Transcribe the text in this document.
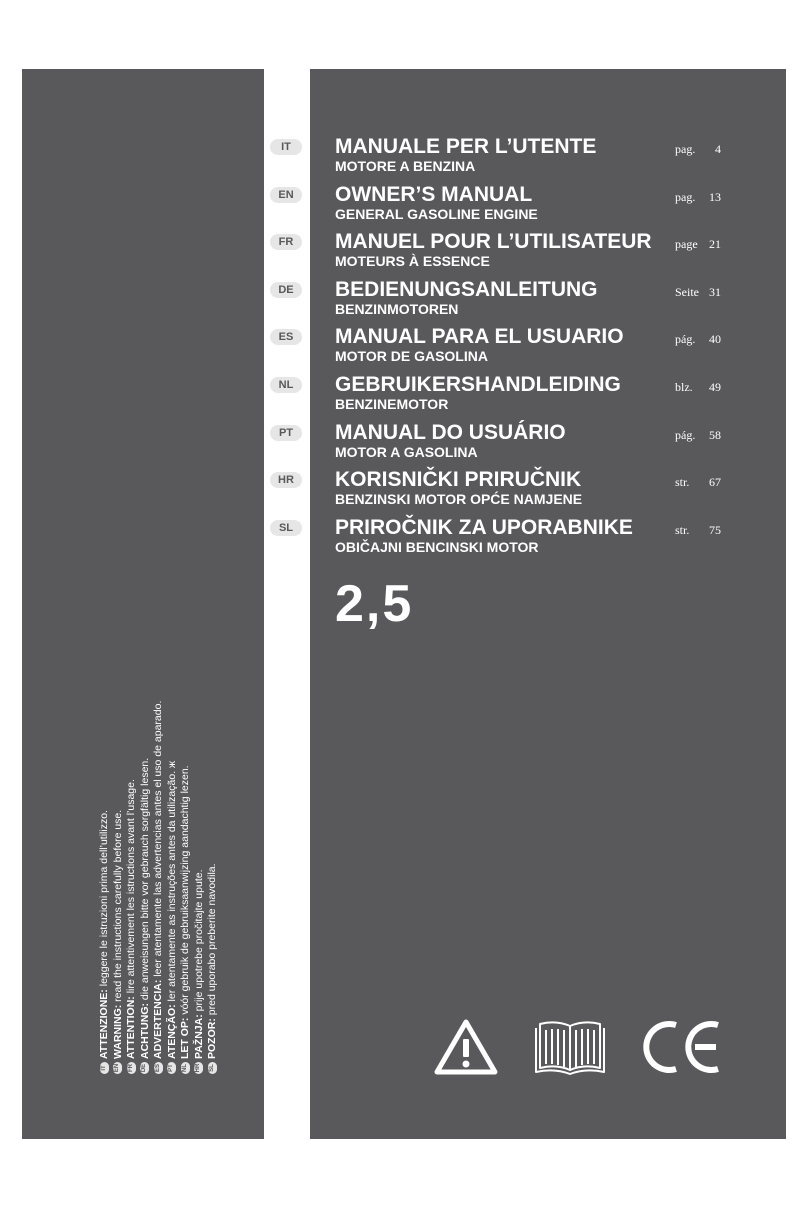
ITATTENZIONE: leggere le istruzioni prima dell’utilizzo.
ENWARNING: read the instructions carefully before use.
FRATTENTION: lire attentivement les istructions avant l’usage.
DEACHTUNG: die anweisungen bitte vor gebrauch sorgfältig lesen.
ESADVERTENCIA: leer atentamente las advertencias antes el uso de aparado.
PTATENÇÃO: ler atentamente as instruções antes da utilização. ж
NLLET OP: vóór gebruik de gebruiksaanwijzing aandachtig lezen.
HRPAŽNJA: prije upotrebe pročitajte upute.
SLPOZOR: pred uporabo preberite navodila.
IT	MANUALE PER L’UTENTE
MOTORE A BENZINA
pag.	4
EN	OWNER’S MANUAL
GENERAL GASOLINE ENGINE
pag.	13
FR	MANUEL POUR L’UTILISATEUR
MOTEURS À ESSENCE
page 21
DE	BEDIENUNGSANLEITUNG
BENZINMOTOREN
Seite 31
ES	MANUAL PARA EL USUARIO
MOTOR DE GASOLINA
pág.	40
NL	GEBRUIKERSHANDLEIDING
BENZINEMOTOR
blz.	49
PT	MANUAL DO USUÁRIO
MOTOR A GASOLINA
pág.	58
HR	KORISNIČKI PRIRUČNIK
BENZINSKI MOTOR OPĆE NAMJENE
str.	67
SL	PRIROČNIK ZA UPORABNIKE
OBIČAJNI BENCINSKI MOTOR
str.	75
2,5
